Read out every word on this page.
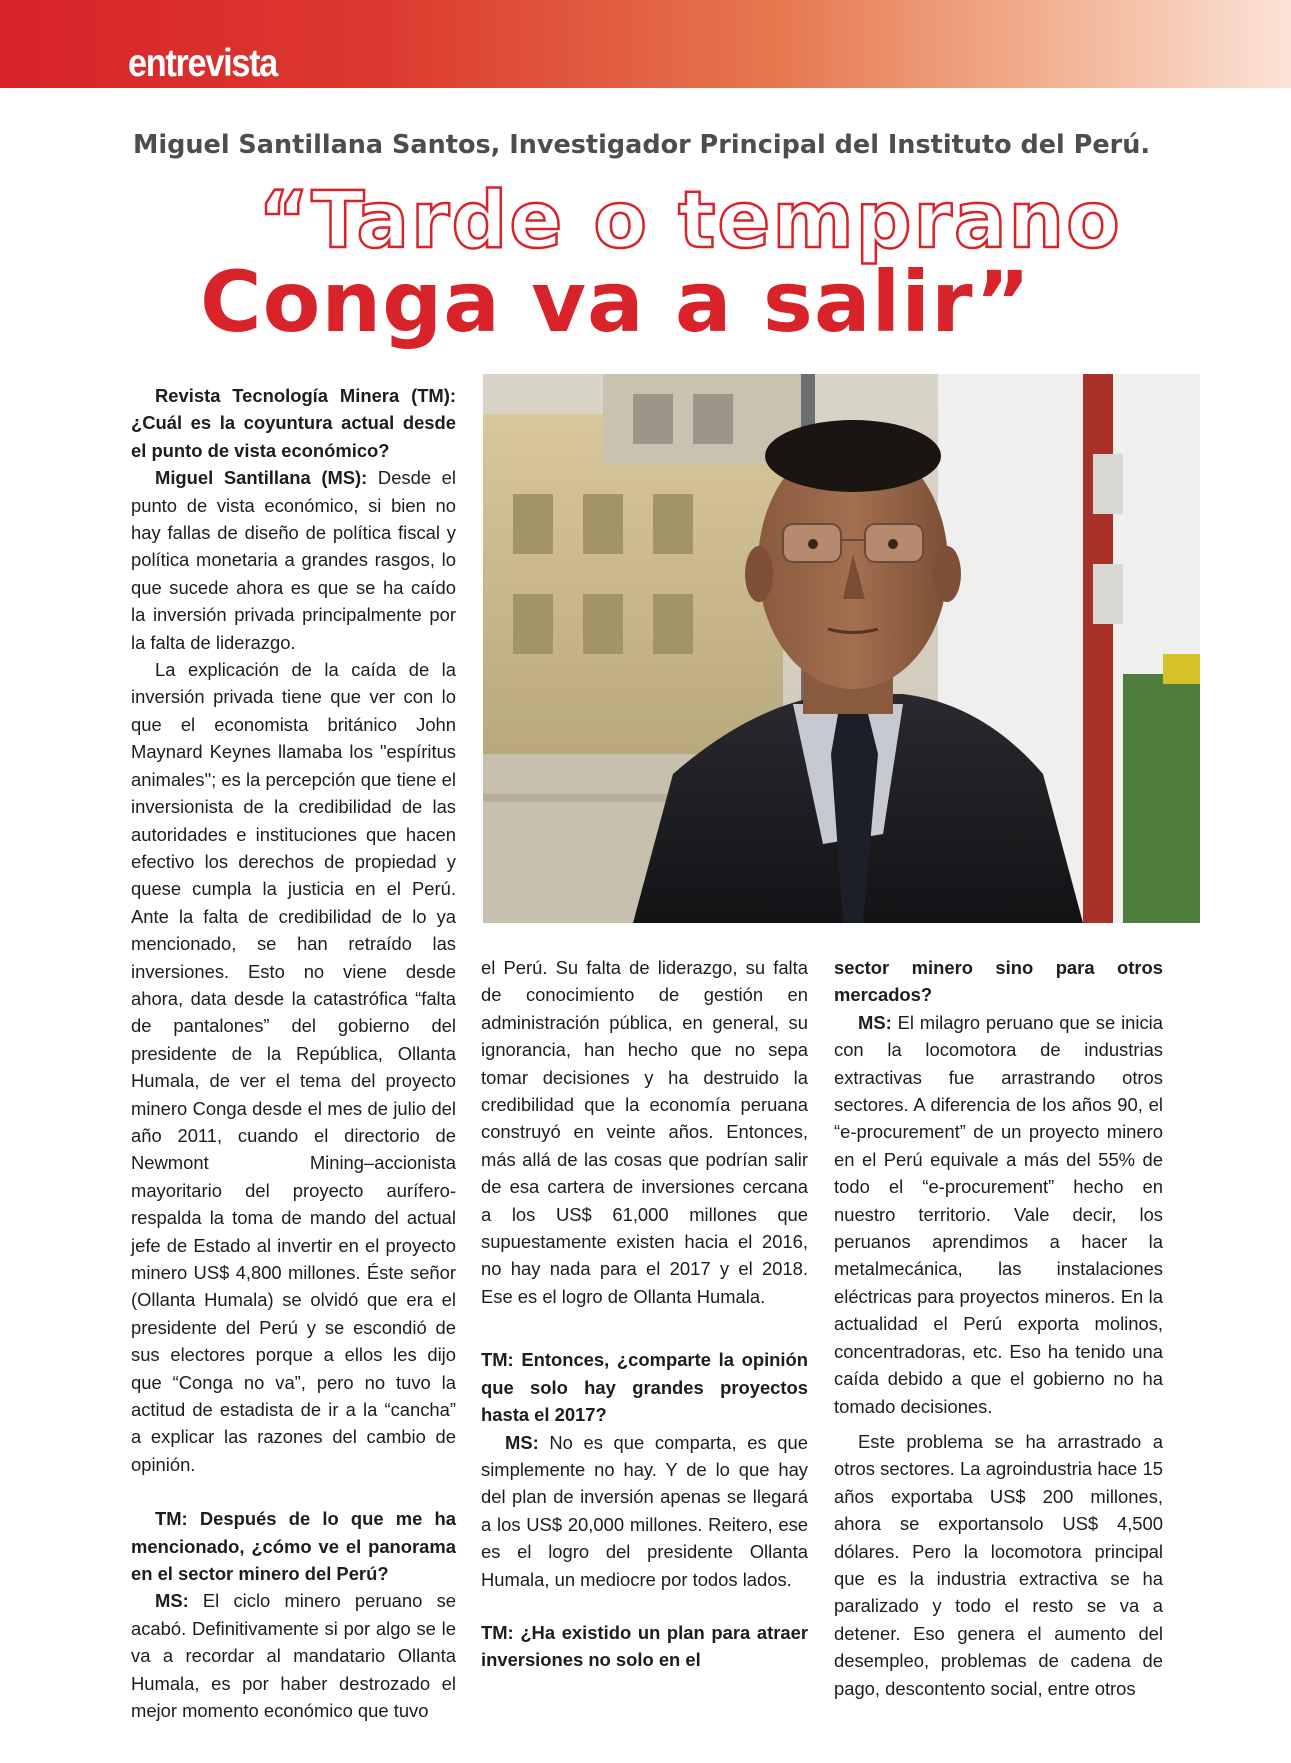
entrevista
Miguel Santillana Santos, Investigador Principal del Instituto del Perú.
“Tarde o temprano
Conga va a salir”

Revista Tecnología Minera (TM): ¿Cuál es la coyuntura actual desde el punto de vista económico?

Miguel Santillana (MS): Desde el punto de vista económico, si bien no hay fallas de diseño de política fiscal y política monetaria a grandes rasgos, lo que sucede ahora es que se ha caído la inversión privada principalmente por la falta de liderazgo.

La explicación de la caída de la inversión privada tiene que ver con lo que el economista británico John Maynard Keynes llamaba los "espíritus animales"; es la percepción que tiene el inversionista de la credibilidad de las autoridades e instituciones que hacen efectivo los derechos de propiedad y quese cumpla la justicia en el Perú. Ante la falta de credibilidad de lo ya mencionado, se han retraído las inversiones. Esto no viene desde ahora, data desde la catastrófica “falta de pantalones” del gobierno del presidente de la República, Ollanta Humala, de ver el tema del proyecto minero Conga desde el mes de julio del año 2011, cuando el directorio de Newmont Mining–accionista mayoritario del proyecto aurífero-respalda la toma de mando del actual jefe de Estado al invertir en el proyecto minero US$ 4,800 millones. Éste señor (Ollanta Humala) se olvidó que era el presidente del Perú y se escondió de sus electores porque a ellos les dijo que “Conga no va”, pero no tuvo la actitud de estadista de ir a la “cancha” a explicar las razones del cambio de opinión.

TM: Después de lo que me ha mencionado, ¿cómo ve el panorama en el sector minero del Perú?

MS: El ciclo minero peruano se acabó. Definitivamente si por algo se le va a recordar al mandatario Ollanta Humala, es por haber destrozado el mejor momento económico que tuvo

el Perú. Su falta de liderazgo, su falta de conocimiento de gestión en administración pública, en general, su ignorancia, han hecho que no sepa tomar decisiones y ha destruido la credibilidad que la economía peruana construyó en veinte años. Entonces, más allá de las cosas que podrían salir de esa cartera de inversiones cercana a los US$ 61,000 millones que supuestamente existen hacia el 2016, no hay nada para el 2017 y el 2018. Ese es el logro de Ollanta Humala.

TM: Entonces, ¿comparte la opinión que solo hay grandes proyectos hasta el 2017?

MS: No es que comparta, es que simplemente no hay. Y de lo que hay del plan de inversión apenas se llegará a los US$ 20,000 millones. Reitero, ese es el logro del presidente Ollanta Humala, un mediocre por todos lados.

TM: ¿Ha existido un plan para atraer inversiones no solo en el

sector minero sino para otros mercados?

MS: El milagro peruano que se inicia con la locomotora de industrias extractivas fue arrastrando otros sectores. A diferencia de los años 90, el “e-procurement” de un proyecto minero en el Perú equivale a más del 55% de todo el “e-procurement” hecho en nuestro territorio. Vale decir, los peruanos aprendimos a hacer la metalmecánica, las instalaciones eléctricas para proyectos mineros. En la actualidad el Perú exporta molinos, concentradoras, etc. Eso ha tenido una caída debido a que el gobierno no ha tomado decisiones.

Este problema se ha arrastrado a otros sectores. La agroindustria hace 15 años exportaba US$ 200 millones, ahora se exportansolo US$ 4,500 dólares. Pero la locomotora principal que es la industria extractiva se ha paralizado y todo el resto se va a detener. Eso genera el aumento del desempleo, problemas de cadena de pago, descontento social, entre otros
